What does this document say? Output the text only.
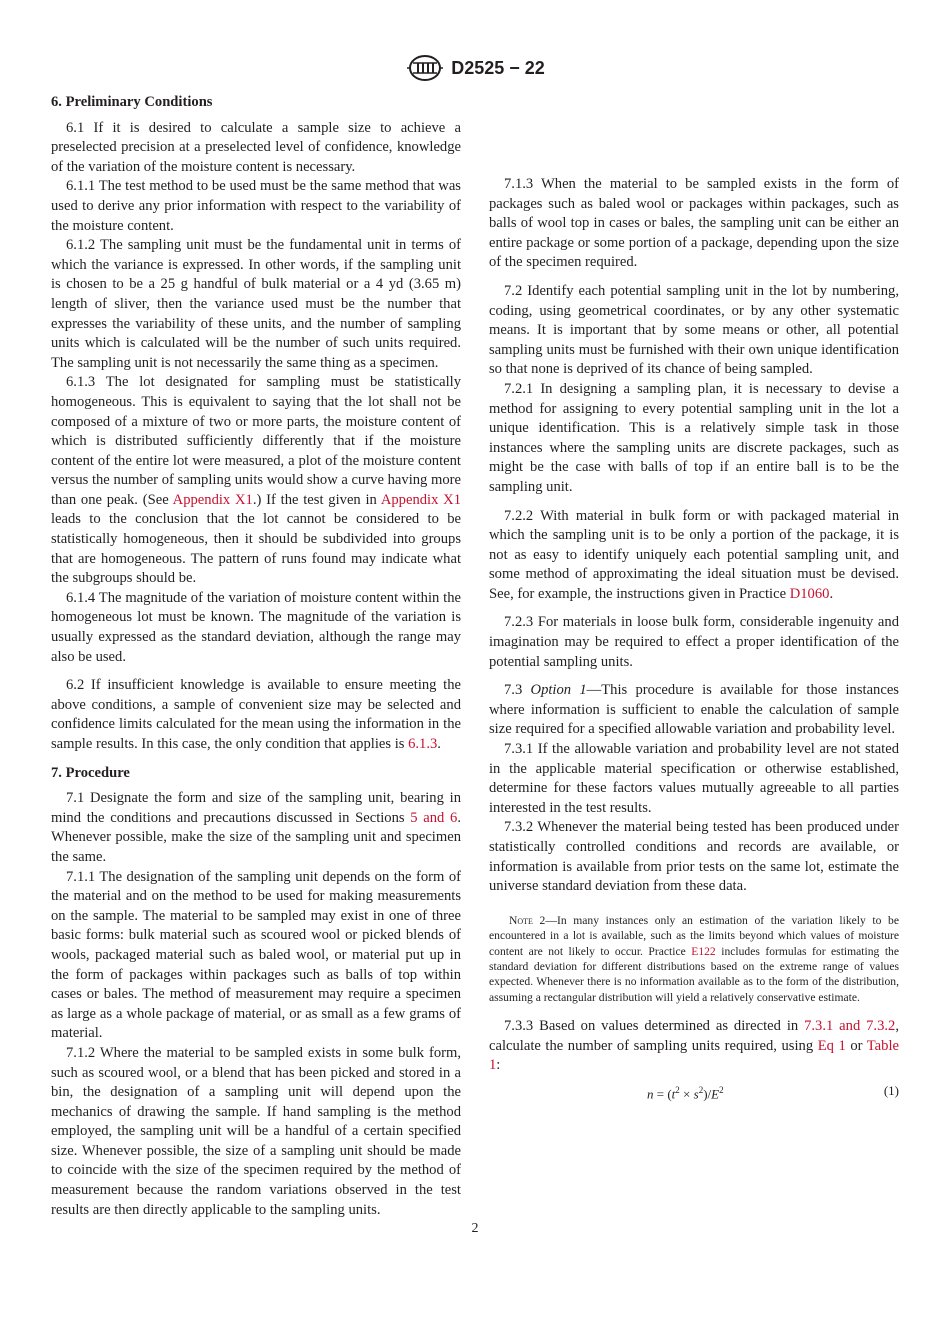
D2525 − 22
6. Preliminary Conditions

6.1 If it is desired to calculate a sample size to achieve a preselected precision at a preselected level of confidence, knowledge of the variation of the moisture content is necessary.

6.1.1 The test method to be used must be the same method that was used to derive any prior information with respect to the variability of the moisture content.

6.1.2 The sampling unit must be the fundamental unit in terms of which the variance is expressed. In other words, if the sampling unit is chosen to be a 25 g handful of bulk material or a 4 yd (3.65 m) length of sliver, then the variance used must be the number that expresses the variability of these units, and the number of sampling units which is calculated will be the number of such units required. The sampling unit is not necessarily the same thing as a specimen.

6.1.3 The lot designated for sampling must be statistically homogeneous. This is equivalent to saying that the lot shall not be composed of a mixture of two or more parts, the moisture content of which is distributed sufficiently differently that if the moisture content of the entire lot were measured, a plot of the moisture content versus the number of sampling units would show a curve having more than one peak. (See Appendix X1.) If the test given in Appendix X1 leads to the conclusion that the lot cannot be considered to be statistically homogeneous, then it should be subdivided into groups that are homogeneous. The pattern of runs found may indicate what the subgroups should be.

6.1.4 The magnitude of the variation of moisture content within the homogeneous lot must be known. The magnitude of the variation is usually expressed as the standard deviation, although the range may also be used.

6.2 If insufficient knowledge is available to ensure meeting the above conditions, a sample of convenient size may be selected and confidence limits calculated for the mean using the information in the sample results. In this case, the only condition that applies is 6.1.3.

7. Procedure

7.1 Designate the form and size of the sampling unit, bearing in mind the conditions and precautions discussed in Sections 5 and 6. Whenever possible, make the size of the sampling unit and specimen the same.

7.1.1 The designation of the sampling unit depends on the form of the material and on the method to be used for making measurements on the sample. The material to be sampled may exist in one of three basic forms: bulk material such as scoured wool or picked blends of wools, packaged material such as baled wool, or material put up in the form of packages within packages such as balls of top within cases or bales. The method of measurement may require a specimen as large as a whole package of material, or as small as a few grams of material.

7.1.2 Where the material to be sampled exists in some bulk form, such as scoured wool, or a blend that has been picked and stored in a bin, the designation of a sampling unit will depend upon the mechanics of drawing the sample. If hand sampling is the method employed, the sampling unit will be a handful of a certain specified size. Whenever possible, the size of a sampling unit should be made to coincide with the size of the specimen required by the method of measurement because the random variations observed in the test results are then directly applicable to the sampling units.

7.1.3 When the material to be sampled exists in the form of packages such as baled wool or packages within packages, such as balls of wool top in cases or bales, the sampling unit can be either an entire package or some portion of a package, depending upon the size of the specimen required.

7.2 Identify each potential sampling unit in the lot by numbering, coding, using geometrical coordinates, or by any other systematic means. It is important that by some means or other, all potential sampling units must be furnished with their own unique identification so that none is deprived of its chance of being sampled.

7.2.1 In designing a sampling plan, it is necessary to devise a method for assigning to every potential sampling unit in the lot a unique identification. This is a relatively simple task in those instances where the sampling units are discrete packages, such as might be the case with balls of top if an entire ball is to be the sampling unit.

7.2.2 With material in bulk form or with packaged material in which the sampling unit is to be only a portion of the package, it is not as easy to identify uniquely each potential sampling unit, and some method of approximating the ideal situation must be devised. See, for example, the instructions given in Practice D1060.

7.2.3 For materials in loose bulk form, considerable ingenuity and imagination may be required to effect a proper identification of the potential sampling units.

7.3 Option 1—This procedure is available for those instances where information is sufficient to enable the calculation of sample size required for a specified allowable variation and probability level.

7.3.1 If the allowable variation and probability level are not stated in the applicable material specification or otherwise established, determine for these factors values mutually agreeable to all parties interested in the test results.

7.3.2 Whenever the material being tested has been produced under statistically controlled conditions and records are available, or information is available from prior tests on the same lot, estimate the universe standard deviation from these data.

Note 2—In many instances only an estimation of the variation likely to be encountered in a lot is available, such as the limits beyond which values of moisture content are not likely to occur. Practice E122 includes formulas for estimating the standard deviation for different distributions based on the extreme range of values expected. Whenever there is no information available as to the form of the distribution, assuming a rectangular distribution will yield a relatively conservative estimate.

7.3.3 Based on values determined as directed in 7.3.1 and 7.3.2, calculate the number of sampling units required, using Eq 1 or Table 1:

$n = (t^2 \times s^2)/E^2$	(1)
2
